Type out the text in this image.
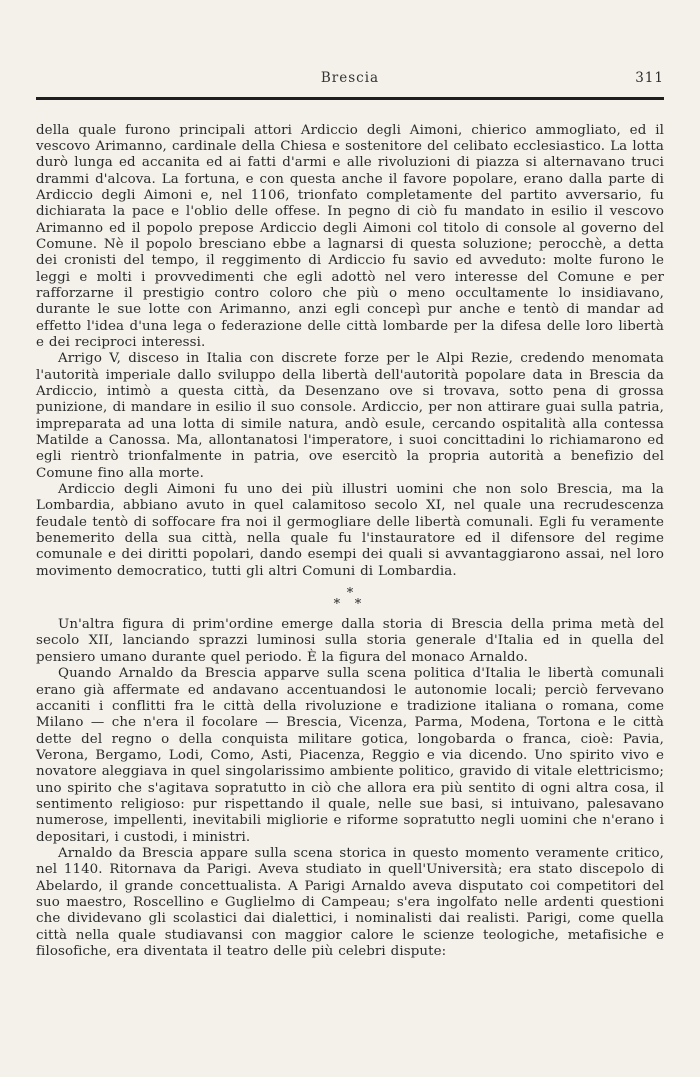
Brescia	311

della quale furono principali attori Ardiccio degli Aimoni, chierico ammogliato, ed il vescovo Arimanno, cardinale della Chiesa e sostenitore del celibato ecclesiastico. La lotta durò lunga ed accanita ed ai fatti d'armi e alle rivoluzioni di piazza si alternavano truci drammi d'alcova. La fortuna, e con questa anche il favore popolare, erano dalla parte di Ardiccio degli Aimoni e, nel 1106, trionfato completamente del partito avversario, fu dichiarata la pace e l'oblio delle offese. In pegno di ciò fu mandato in esilio il vescovo Arimanno ed il popolo prepose Ardiccio degli Aimoni col titolo di console al governo del Comune. Nè il popolo bresciano ebbe a lagnarsi di questa soluzione; perocchè, a detta dei cronisti del tempo, il reggimento di Ardiccio fu savio ed avveduto: molte furono le leggi e molti i provvedimenti che egli adottò nel vero interesse del Comune e per rafforzarne il prestigio contro coloro che più o meno occultamente lo insidiavano, durante le sue lotte con Arimanno, anzi egli concepì pur anche e tentò di mandar ad effetto l'idea d'una lega o federazione delle città lombarde per la difesa delle loro libertà e dei reciproci interessi.

Arrigo V, disceso in Italia con discrete forze per le Alpi Rezie, credendo menomata l'autorità imperiale dallo sviluppo della libertà dell'autorità popolare data in Brescia da Ardiccio, intimò a questa città, da Desenzano ove si trovava, sotto pena di grossa punizione, di mandare in esilio il suo console. Ardiccio, per non attirare guai sulla patria, impreparata ad una lotta di simile natura, andò esule, cercando ospitalità alla contessa Matilde a Canossa. Ma, allontanatosi l'imperatore, i suoi concittadini lo richiamarono ed egli rientrò trionfalmente in patria, ove esercitò la propria autorità a benefizio del Comune fino alla morte.

Ardiccio degli Aimoni fu uno dei più illustri uomini che non solo Brescia, ma la Lombardia, abbiano avuto in quel calamitoso secolo XI, nel quale una recrudescenza feudale tentò di soffocare fra noi il germogliare delle libertà comunali. Egli fu veramente benemerito della sua città, nella quale fu l'instauratore ed il difensore del regime comunale e dei diritti popolari, dando esempi dei quali si avvantaggiarono assai, nel loro movimento democratico, tutti gli altri Comuni di Lombardia.

*
* *

Un'altra figura di prim'ordine emerge dalla storia di Brescia della prima metà del secolo XII, lanciando sprazzi luminosi sulla storia generale d'Italia ed in quella del pensiero umano durante quel periodo. È la figura del monaco Arnaldo.

Quando Arnaldo da Brescia apparve sulla scena politica d'Italia le libertà comunali erano già affermate ed andavano accentuandosi le autonomie locali; perciò fervevano accaniti i conflitti fra le città della rivoluzione e tradizione italiana o romana, come Milano — che n'era il focolare — Brescia, Vicenza, Parma, Modena, Tortona e le città dette del regno o della conquista militare gotica, longobarda o franca, cioè: Pavia, Verona, Bergamo, Lodi, Como, Asti, Piacenza, Reggio e via dicendo. Uno spirito vivo e novatore aleggiava in quel singolarissimo ambiente politico, gravido di vitale elettricismo; uno spirito che s'agitava sopratutto in ciò che allora era più sentito di ogni altra cosa, il sentimento religioso: pur rispettando il quale, nelle sue basi, si intuivano, palesavano numerose, impellenti, inevitabili migliorie e riforme sopratutto negli uomini che n'erano i depositari, i custodi, i ministri.

Arnaldo da Brescia appare sulla scena storica in questo momento veramente critico, nel 1140. Ritornava da Parigi. Aveva studiato in quell'Università; era stato discepolo di Abelardo, il grande concettualista. A Parigi Arnaldo aveva disputato coi competitori del suo maestro, Roscellino e Guglielmo di Campeau; s'era ingolfato nelle ardenti questioni che dividevano gli scolastici dai dialettici, i nominalisti dai realisti. Parigi, come quella città nella quale studiavansi con maggior calore le scienze teologiche, metafisiche e filosofiche, era diventata il teatro delle più celebri dispute:
